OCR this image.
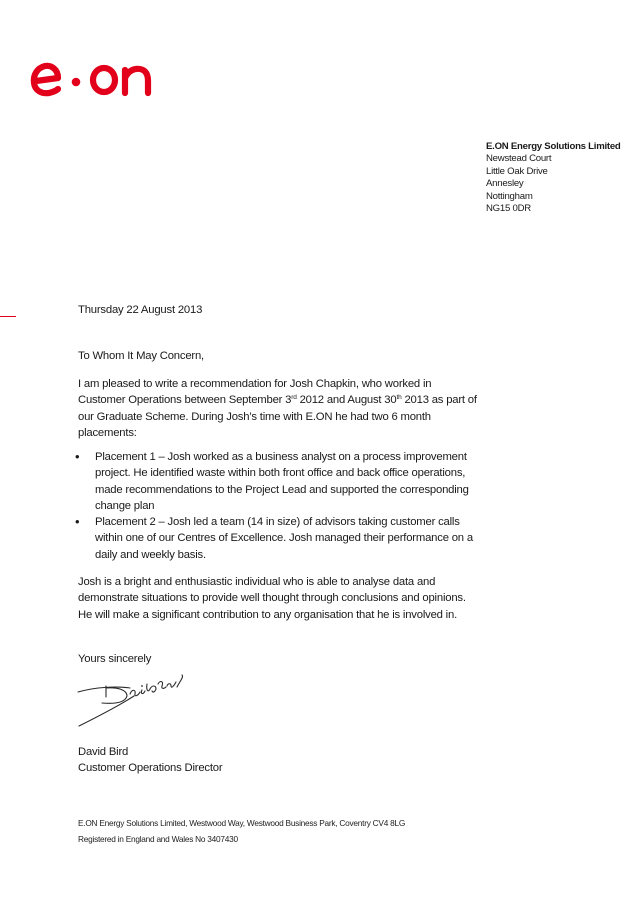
E.ON Energy Solutions Limited
Newstead Court
Little Oak Drive
Annesley
Nottingham
NG15 0DR
Thursday 22 August 2013
To Whom It May Concern,

I am pleased to write a recommendation for Josh Chapkin, who worked in Customer Operations between September 3rd 2012 and August 30th 2013 as part of our Graduate Scheme. During Josh’s time with E.ON he had two 6 month placements:

• Placement 1 – Josh worked as a business analyst on a process improvement project. He identified waste within both front office and back office operations, made recommendations to the Project Lead and supported the corresponding change plan
• Placement 2 – Josh led a team (14 in size) of advisors taking customer calls within one of our Centres of Excellence. Josh managed their performance on a daily and weekly basis.

Josh is a bright and enthusiastic individual who is able to analyse data and demonstrate situations to provide well thought through conclusions and opinions. He will make a significant contribution to any organisation that he is involved in.

Yours sincerely
David Bird
Customer Operations Director
E.ON Energy Solutions Limited, Westwood Way, Westwood Business Park, Coventry CV4 8LG
Registered in England and Wales No 3407430
